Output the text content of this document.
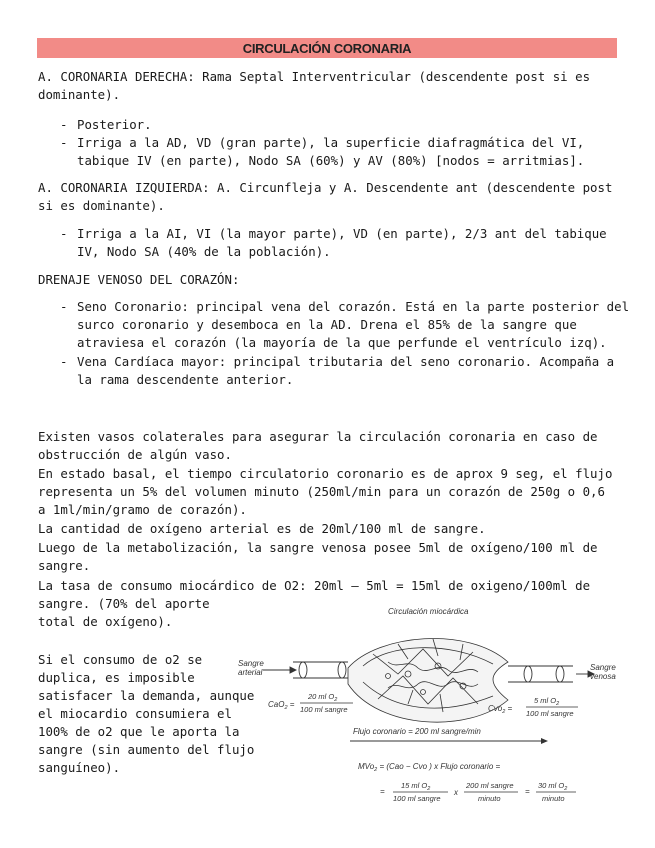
CIRCULACIÓN CORONARIA

A. CORONARIA DERECHA: Rama Septal Interventricular (descendente post si es dominante).

- Posterior.

- Irriga a la AD, VD (gran parte), la superficie diafragmática del VI, tabique IV (en parte), Nodo SA (60%) y AV (80%) [nodos = arritmias].

A. CORONARIA IZQUIERDA: A. Circunfleja y A. Descendente ant (descendente post si es dominante).

- Irriga a la AI, VI (la mayor parte), VD (en parte), 2/3 ant del tabique IV, Nodo SA (40% de la población).

DRENAJE VENOSO DEL CORAZÓN:

- Seno Coronario: principal vena del corazón. Está en la parte posterior del surco coronario y desemboca en la AD. Drena el 85% de la sangre que atraviesa el corazón (la mayoría de la que perfunde el ventrículo izq).

- Vena Cardíaca mayor: principal tributaria del seno coronario. Acompaña a la rama descendente anterior.

Existen vasos colaterales para asegurar la circulación coronaria en caso de obstrucción de algún vaso.

En estado basal, el tiempo circulatorio coronario es de aprox 9 seg, el flujo representa un 5% del volumen minuto (250ml/min para un corazón de 250g o 0,6 a 1ml/min/gramo de corazón).

La cantidad de oxígeno arterial es de 20ml/100 ml de sangre.

Luego de la metabolización, la sangre venosa posee 5ml de oxígeno/100 ml de sangre.

La tasa de consumo miocárdico de O2: 20ml – 5ml = 15ml de oxigeno/100ml de

sangre. (70% del aporte

total de oxígeno).

Si el consumo de o2 se duplica, es imposible satisfacer la demanda, aunque el miocardio consumiera el 100% de o2 que le aporta la sangre (sin aumento del flujo sanguíneo).

Circulación miocárdica
Sangre
arterial
Sangre
venosa
CaO$_2$ =
20 ml $O_2$
100 ml sangre	Cvo$_2$ =
5 ml $O_2$
100 ml sangre
Flujo coronario = 200 ml sangre/min
MVo$_2$ = (Cao − Cvo ) x Flujo coronario =
=
15 ml $O_2$
100 ml sangre
x
200 ml sangre
minuto
=
30 ml $O_2$
minuto
